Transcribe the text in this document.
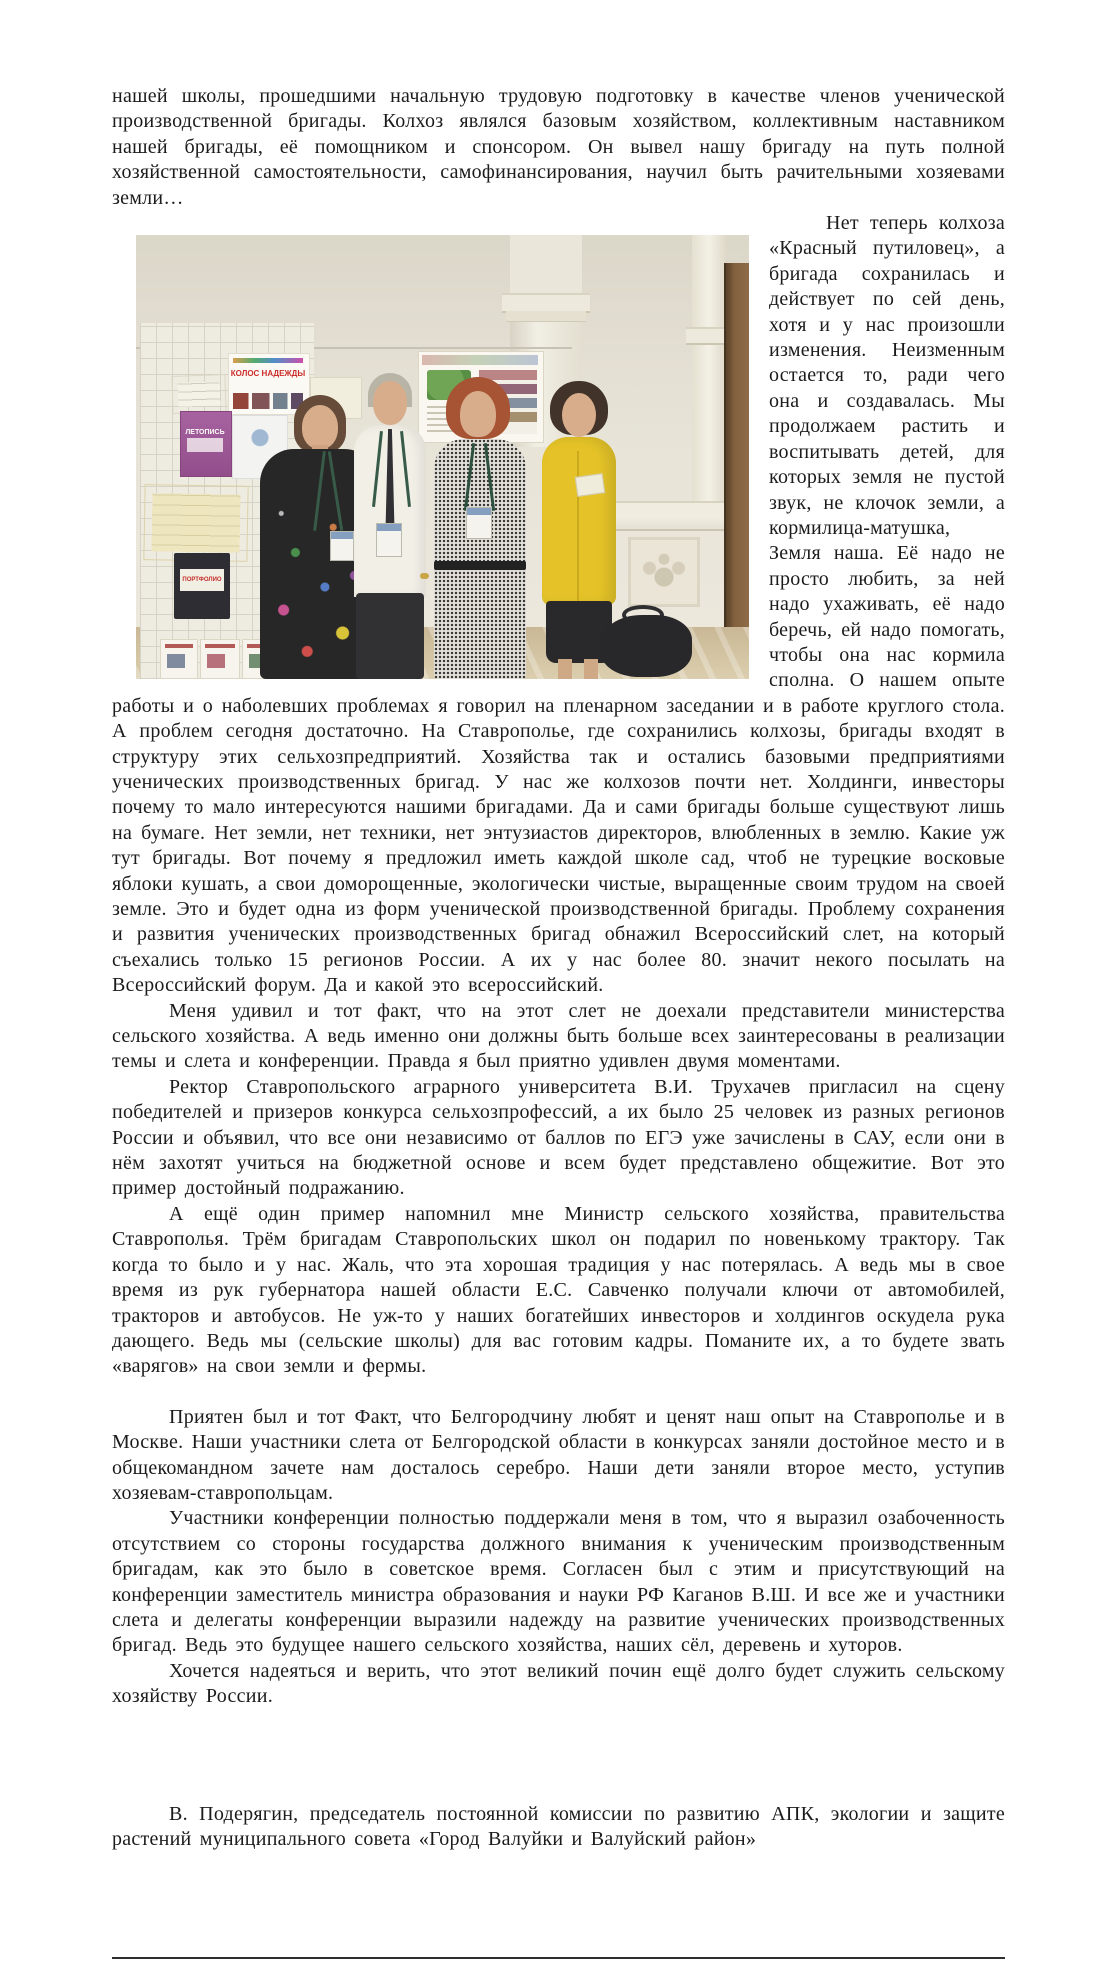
нашей школы, прошедшими начальную трудовую подготовку в качестве членов ученической производственной бригады. Колхоз являлся базовым хозяйством, коллективным наставником нашей бригады, её помощником и спонсором. Он вывел нашу бригаду на путь полной хозяйственной самостоятельности, самофинансирования, научил быть рачительными хозяевами земли…

КОЛОС НАДЕЖДЫ
ЛЕТОПИСЬ
ПОРТФОЛИО

Нет теперь колхоза «Красный путиловец», а бригада сохранилась и действует по сей день, хотя и у нас произошли изменения. Неизменным остается то, ради чего она и создавалась. Мы продолжаем растить и воспитывать детей, для которых земля не пустой звук, не клочок земли, а кормилица-матушка, Земля наша. Её надо не просто любить, за ней надо ухаживать, её надо беречь, ей надо помогать, чтобы она нас кормила сполна. О нашем опыте работы и о наболевших проблемах я говорил на пленарном заседании и в работе круглого стола. А проблем сегодня достаточно. На Ставрополье, где сохранились колхозы, бригады входят в структуру этих сельхозпредприятий. Хозяйства так и остались базовыми предприятиями ученических производственных бригад. У нас же колхозов почти нет. Холдинги, инвесторы почему то мало интересуются нашими бригадами. Да и сами бригады больше существуют лишь на бумаге. Нет земли, нет техники, нет энтузиастов директоров, влюбленных в землю. Какие уж тут бригады. Вот почему я предложил иметь каждой школе сад, чтоб не турецкие восковые яблоки кушать, а свои доморощенные, экологически чистые, выращенные своим трудом на своей земле. Это и будет одна из форм ученической производственной бригады. Проблему сохранения и развития ученических производственных бригад обнажил Всероссийский слет, на который съехались только 15 регионов России. А их у нас более 80. значит некого посылать на Всероссийский форум. Да и какой это всероссийский.

Меня удивил и тот факт, что на этот слет не доехали представители министерства сельского хозяйства. А ведь именно они должны быть больше всех заинтересованы в реализации темы и слета и конференции. Правда я был приятно удивлен двумя моментами.

Ректор Ставропольского аграрного университета В.И. Трухачев пригласил на сцену победителей и призеров конкурса сельхозпрофессий, а их было 25 человек из разных регионов России и объявил, что все они независимо от баллов по ЕГЭ уже зачислены в САУ, если они в нём захотят учиться на бюджетной основе и всем будет представлено общежитие. Вот это пример достойный подражанию.

А ещё один пример напомнил мне Министр сельского хозяйства, правительства Ставрополья. Трём бригадам Ставропольских школ он подарил по новенькому трактору. Так когда то было и у нас. Жаль, что эта хорошая традиция у нас потерялась. А ведь мы в свое время из рук губернатора нашей области Е.С. Савченко получали ключи от автомобилей, тракторов и автобусов. Не уж-то у наших богатейших инвесторов и холдингов оскудела рука дающего. Ведь мы (сельские школы) для вас готовим кадры. Поманите их, а то будете звать «варягов» на свои земли и фермы.

Приятен был и тот Факт, что Белгородчину любят и ценят наш опыт на Ставрополье и в Москве. Наши участники слета от Белгородской области в конкурсах заняли достойное место и в общекомандном зачете нам досталось серебро. Наши дети заняли второе место, уступив хозяевам-ставропольцам.

Участники конференции полностью поддержали меня в том, что я выразил озабоченность отсутствием со стороны государства должного внимания к ученическим производственным бригадам, как это было в советское время. Согласен был с этим и присутствующий на конференции заместитель министра образования и науки РФ Каганов В.Ш. И все же и участники слета и делегаты конференции выразили надежду на развитие ученических производственных бригад. Ведь это будущее нашего сельского хозяйства, наших сёл, деревень и хуторов.

Хочется надеяться и верить, что этот великий почин ещё долго будет служить сельскому хозяйству России.

В. Подерягин, председатель постоянной комиссии по развитию АПК, экологии и защите растений муниципального совета «Город Валуйки и Валуйский район»
